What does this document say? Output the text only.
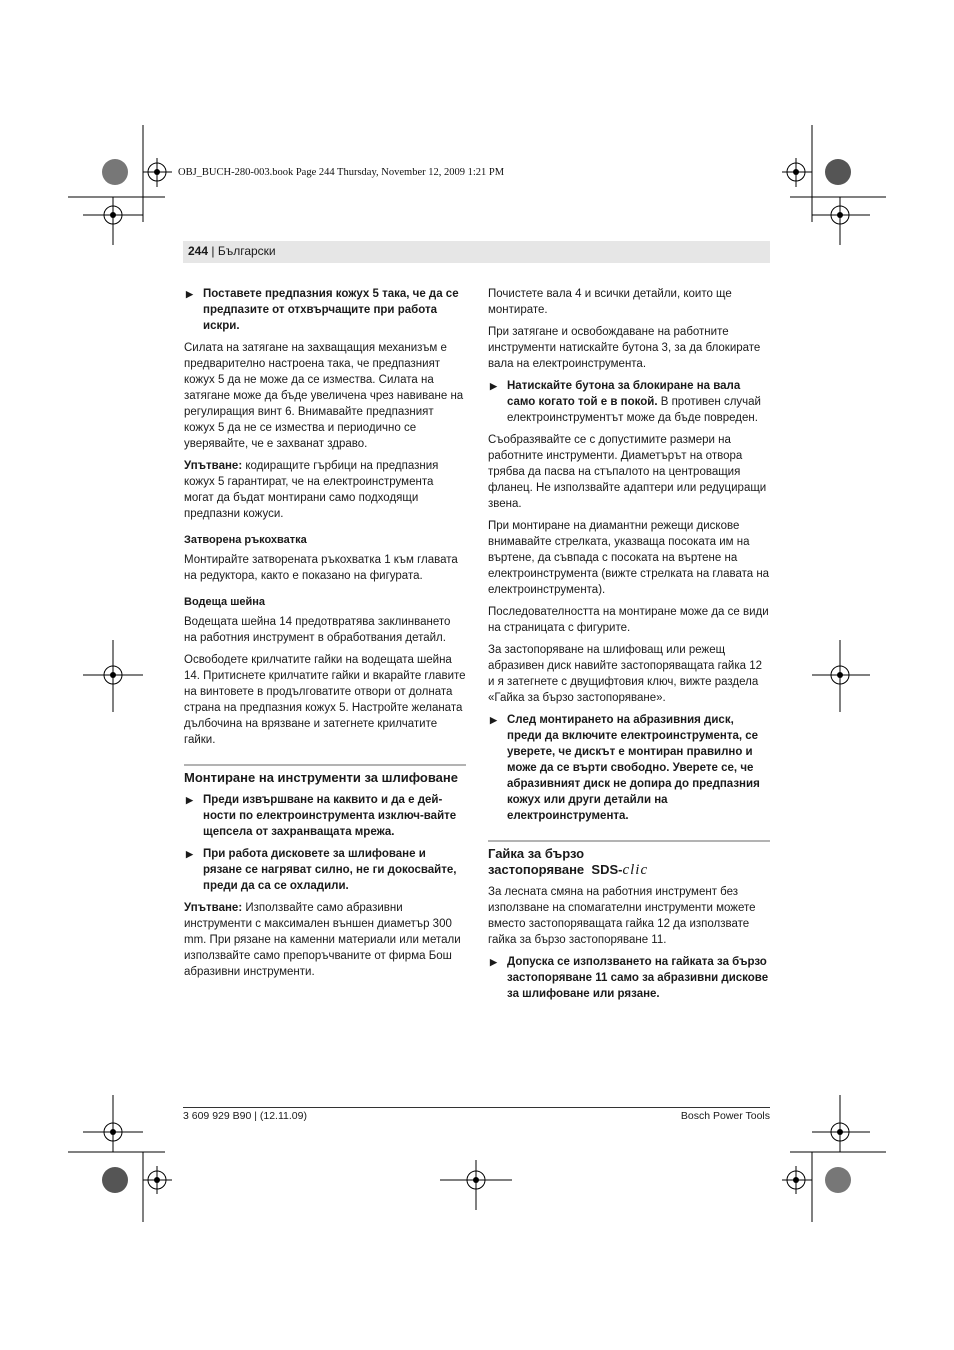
OBJ_BUCH-280-003.book Page 244 Thursday, November 12, 2009 1:21 PM
244 | Български
▶ Поставете предпазния кожух 5 така, че да се предпазите от отхвърчащите при работа искри.

Силата на затягане на захващащия механизъм е предварително настроена така, че предпазният кожух 5 да не може да се измества. Силата на затягане може да бъде увеличена чрез навиване на регулиращия винт 6. Внимавайте предпазният кожух 5 да не се измества и периодично се уверявайте, че е захванат здраво.

Упътване: кодиращите гърбици на предпазния кожух 5 гарантират, че на електроинструмента могат да бъдат монтирани само подходящи предпазни кожуси.

Затворена ръкохватка

Монтирайте затворената ръкохватка 1 към главата на редуктора, както е показано на фигурата.

Водеща шейна

Водещата шейна 14 предотвратява заклинването на работния инструмент в обработвания детайл.

Освободете крилчатите гайки на водещата шейна 14. Притиснете крилчатите гайки и вкарайте главите на винтовете в продълговатите отвори от долната страна на предпазния кожух 5. Настройте желаната дълбочина на врязване и затегнете крилчатите гайки.

Монтиране на инструменти за шлифоване
▶ Преди извършване на каквито и да е дей-ности по електроинструмента изключ-вайте щепсела от захранващата мрежа.
▶ При работа дисковете за шлифоване и рязане се нагряват силно, не ги докосвайте, преди да са се охладили.

Упътване: Използвайте само абразивни инструменти с максимален външен диаметър 300 mm. При рязане на каменни материали или метали използвайте само препоръчваните от фирма Бош абразивни инструменти.

Почистете вала 4 и всички детайли, които ще монтирате.

При затягане и освобождаване на работните инструменти натискайте бутона 3, за да блокирате вала на електроинструмента.

▶ Натискайте бутона за блокиране на вала само когато той е в покой. В противен случай електроинструментът може да бъде повреден.

Съобразявайте се с допустимите размери на работните инструменти. Диаметърът на отвора трябва да пасва на стъпалото на центроващия фланец. Не използвайте адаптери или редуциращи звена.

При монтиране на диамантни режещи дискове внимавайте стрелката, указваща посоката им на въртене, да съвпада с посоката на въртене на електроинструмента (вижте стрелката на главата на електроинструмента).

Последователността на монтиране може да се види на страницата с фигурите.

За застопоряване на шлифоващ или режещ абразивен диск навийте застопоряващата гайка 12 и я затегнете с двущифтовия ключ, вижте раздела «Гайка за бързо застопоряване».

▶ След монтирането на абразивния диск, преди да включите електроинструмента, се уверете, че дискът е монтиран правилно и може да се върти свободно. Уверете се, че абразивният диск не допира до предпазния кожух или други детайли на електроинструмента.
Гайка за бързо
застопоряване SDS-clic

За лесната смяна на работния инструмент без използване на спомагателни инструменти можете вместо застопоряващата гайка 12 да използвате гайка за бързо застопоряване 11.

▶ Допуска се използването на гайката за бързо застопоряване 11 само за абразивни дискове за шлифоване или рязане.
3 609 929 B90 | (12.11.09)	Bosch Power Tools
